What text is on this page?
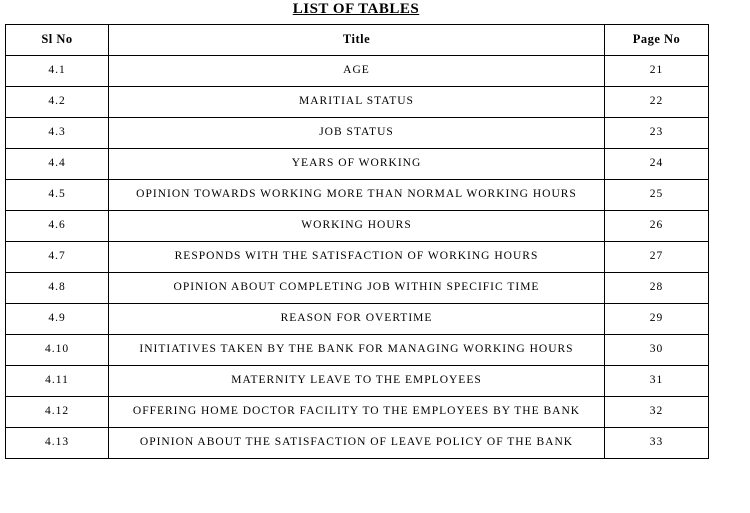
LIST OF TABLES
Sl No	Title	Page No
4.1	AGE	21
4.2	MARITIAL STATUS	22
4.3	JOB STATUS	23
4.4	YEARS OF WORKING	24
4.5	OPINION TOWARDS WORKING MORE THAN NORMAL WORKING HOURS	25
4.6	WORKING HOURS	26
4.7	RESPONDS WITH THE SATISFACTION OF WORKING HOURS	27
4.8	OPINION ABOUT COMPLETING JOB WITHIN SPECIFIC TIME	28
4.9	REASON FOR OVERTIME	29
4.10	INITIATIVES TAKEN BY THE BANK FOR MANAGING WORKING HOURS	30
4.11	MATERNITY LEAVE TO THE EMPLOYEES	31
4.12	OFFERING HOME DOCTOR FACILITY TO THE EMPLOYEES BY THE BANK	32
4.13	OPINION ABOUT THE SATISFACTION OF LEAVE POLICY OF THE BANK	33
